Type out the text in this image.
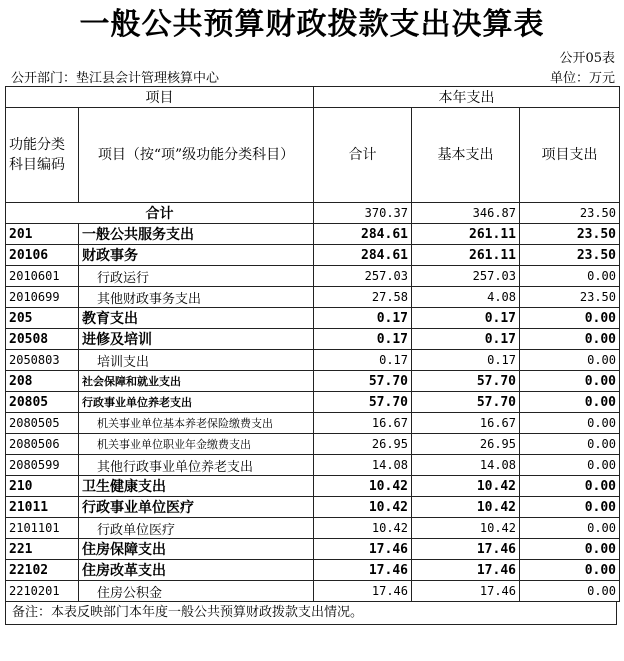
一般公共预算财政拨款支出决算表
公开05表
公开部门：垫江县会计管理核算中心	单位：万元
项目		本年支出		
功能分类科目编码	项目（按“项”级功能分类科目）	合计	基本支出	项目支出
合计		370.37	346.87	23.50
201	一般公共服务支出	284.61	261.11	23.50
20106	财政事务	284.61	261.11	23.50
2010601	行政运行	257.03	257.03	0.00
2010699	其他财政事务支出	27.58	4.08	23.50
205	教育支出	0.17	0.17	0.00
20508	进修及培训	0.17	0.17	0.00
2050803	培训支出	0.17	0.17	0.00
208	社会保障和就业支出	57.70	57.70	0.00
20805	行政事业单位养老支出	57.70	57.70	0.00
2080505	机关事业单位基本养老保险缴费支出	16.67	16.67	0.00
2080506	机关事业单位职业年金缴费支出	26.95	26.95	0.00
2080599	其他行政事业单位养老支出	14.08	14.08	0.00
210	卫生健康支出	10.42	10.42	0.00
21011	行政事业单位医疗	10.42	10.42	0.00
2101101	行政单位医疗	10.42	10.42	0.00
221	住房保障支出	17.46	17.46	0.00
22102	住房改革支出	17.46	17.46	0.00
2210201	住房公积金	17.46	17.46	0.00
备注：本表反映部门本年度一般公共预算财政拨款支出情况。
